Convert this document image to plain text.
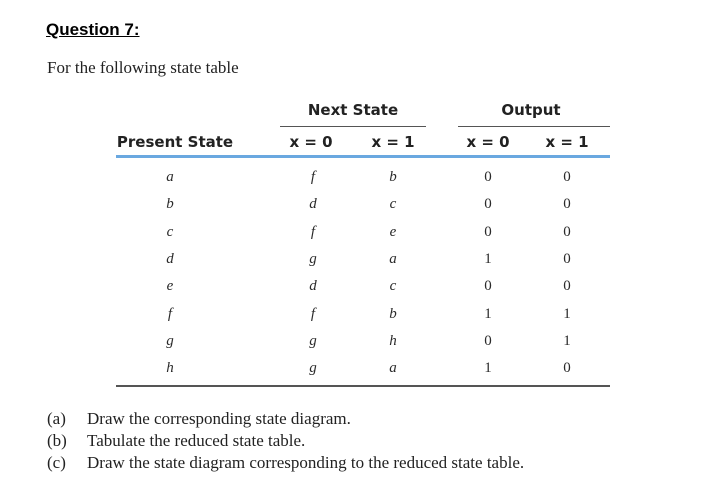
Question 7:
For the following state table
Next State	Output
Present State	x = 0	x = 1	x = 0 x = 1
a	f	b	0	0
b	d	c	0	0
c	f	e	0	0
d	g	a	1	0
e	d	c	0	0
f	f	b	1	1
g	g	h	0	1
h	g	a	1	0
(a) Draw the corresponding state diagram.
(b) Tabulate the reduced state table.
(c) Draw the state diagram corresponding to the reduced state table.
